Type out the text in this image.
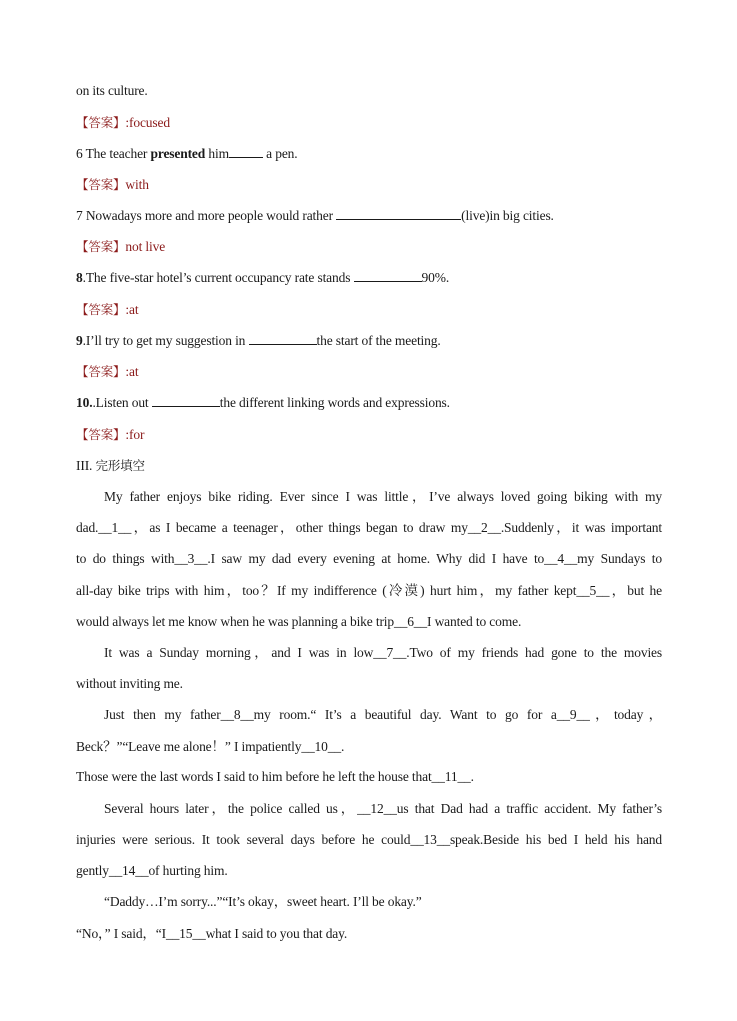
on its culture.
【答案】:focused
6 The teacher presented him	a pen.
【答案】with
7 Nowadays more and more people would rather	(live)in big cities.
【答案】not live
8.The five-star hotel’s current occupancy rate stands	90%.
【答案】:at
9.I’ll try to get my suggestion in	the start of the meeting.
【答案】:at
10..Listen out	the different linking words and expressions.
【答案】:for
III. 完形填空
My father enjoys bike riding. Ever since I was little，I’ve always loved going biking with my
dad.__1__，as I became a teenager，other things began to draw my__2__.Suddenly，it was important
to do things with__3__.I saw my dad every evening at home. Why did I have to__4__my Sundays to
all-day bike trips with him，too？If my indifference (冷漠) hurt him，my father kept__5__，but he
would always let me know when he was planning a bike trip__6__I wanted to come.
It was a Sunday morning，and I was in low__7__.Two of my friends had gone to the movies
without inviting me.
Just then my father__8__my room.“ It’s a beautiful day. Want to go for a__9__，today，
Beck？”“Leave me alone！” I impatiently__10__.
Those were the last words I said to him before he left the house that__11__.
Several hours later，the police called us，__12__us that Dad had a traffic accident. My father’s
injuries were serious. It took several days before he could__13__speak.Beside his bed I held his hand
gently__14__of hurting him.
“Daddy…I’m sorry...”“It’s okay，sweet heart. I’ll be okay.”
“No，” I said，“I__15__what I said to you that day.
